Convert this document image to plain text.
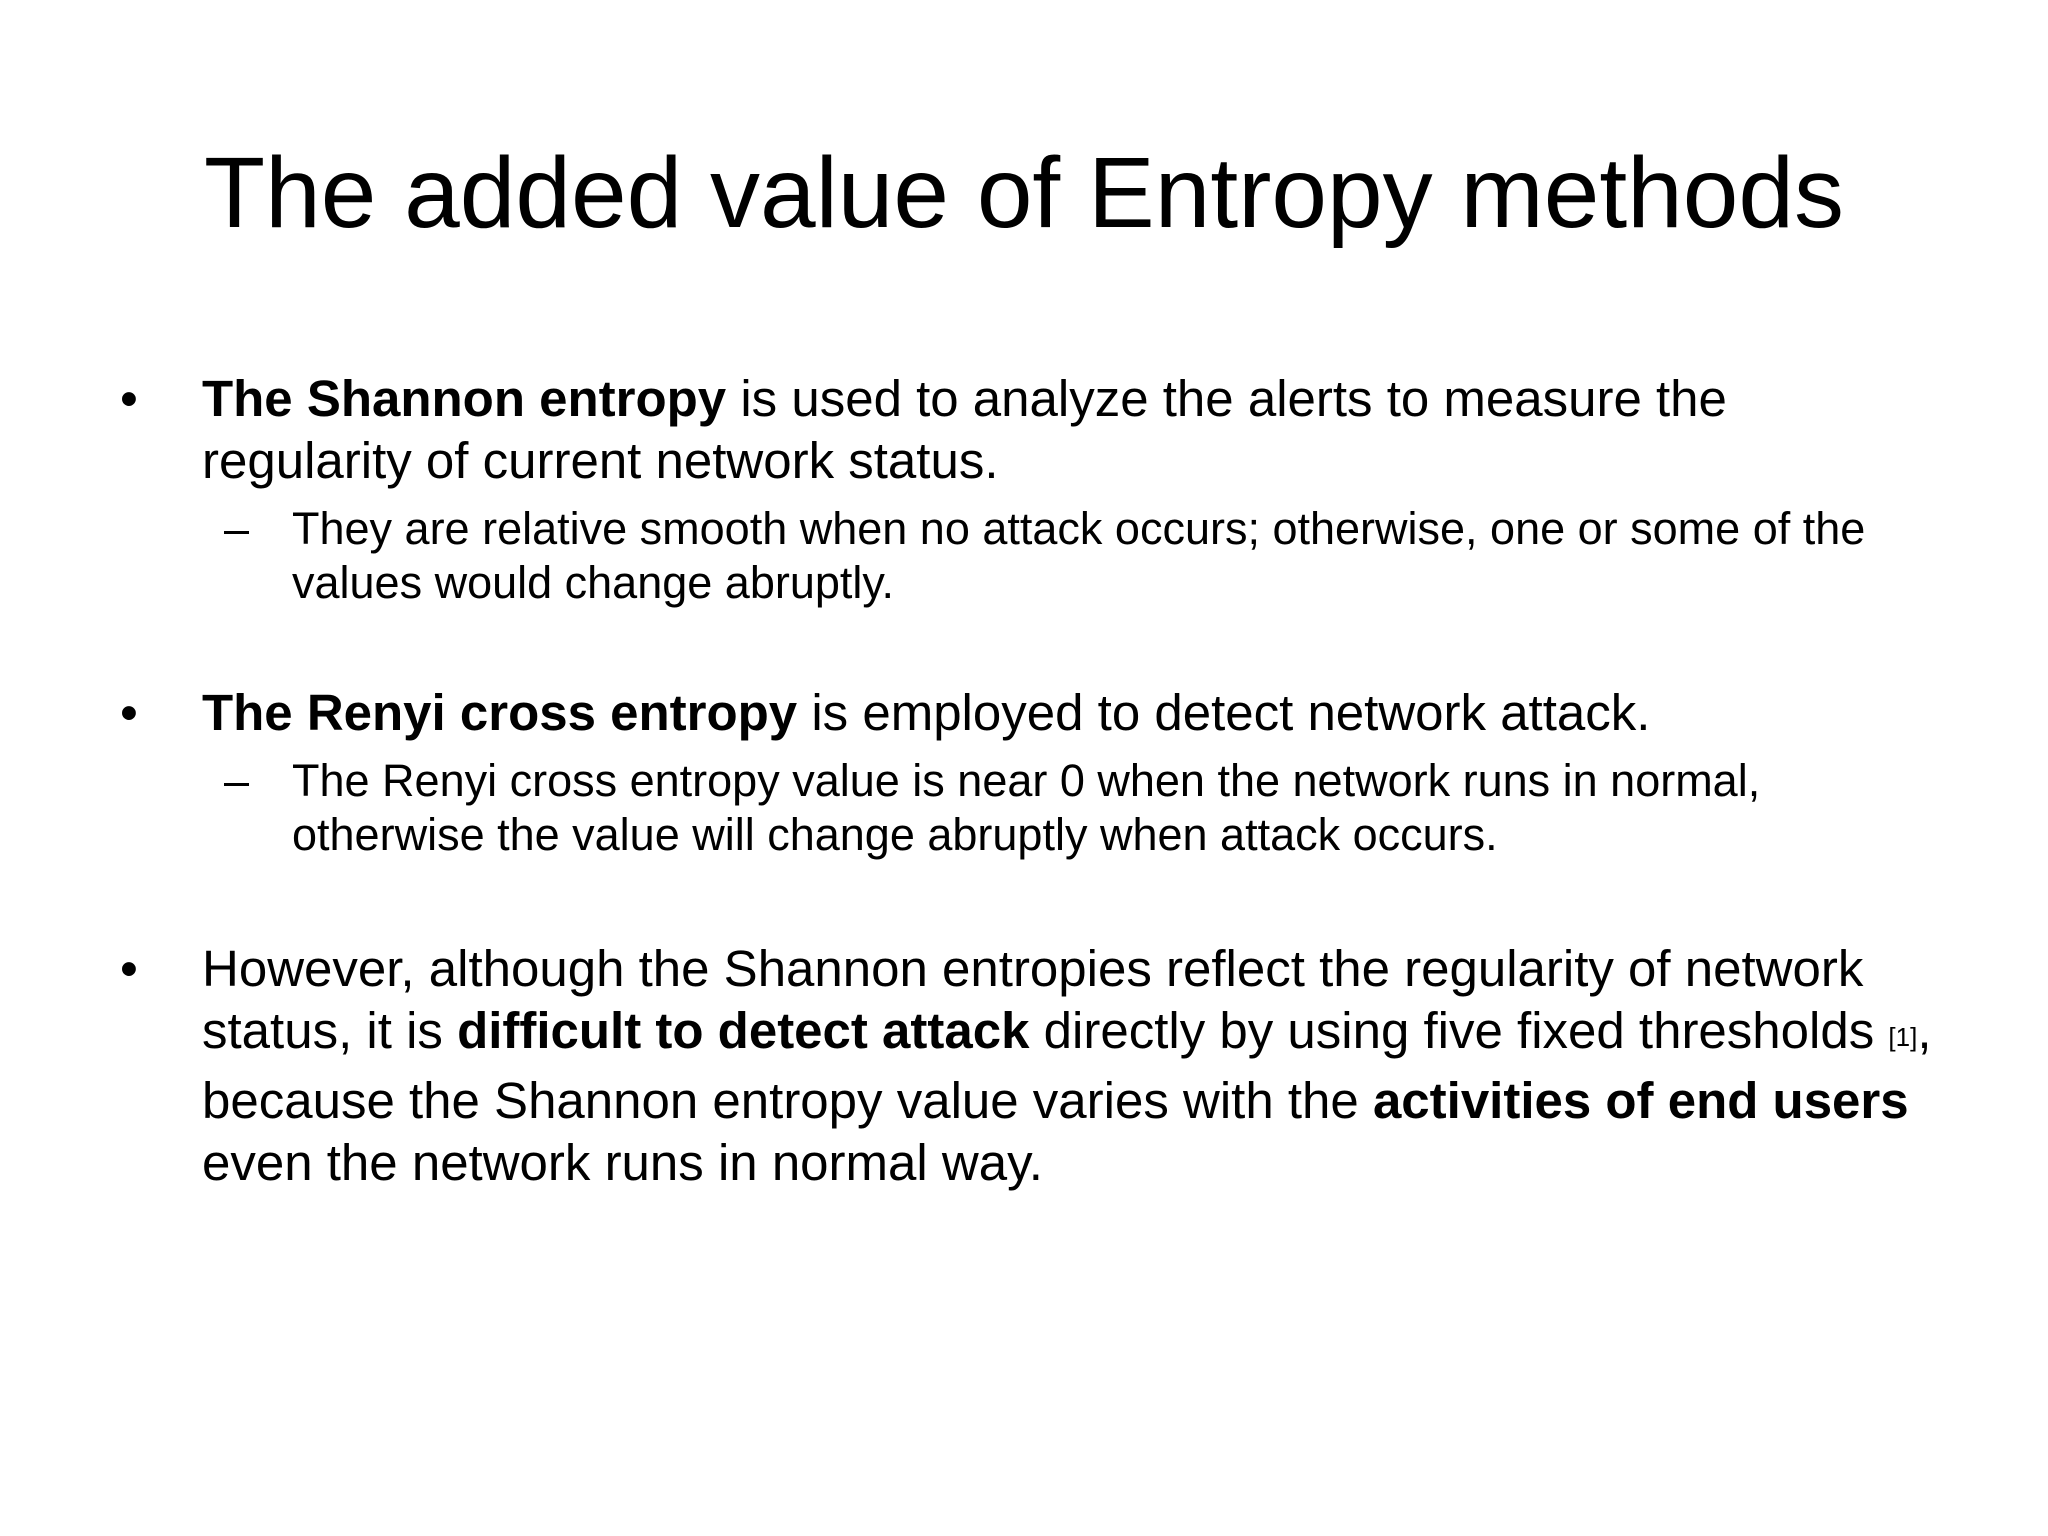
The added value of Entropy methods
•	The Shannon entropy is used to analyze the alerts to measure the regularity of current network status.
– They are relative smooth when no attack occurs; otherwise, one or some of the values would change abruptly.
•	The Renyi cross entropy is employed to detect network attack.
– The Renyi cross entropy value is near 0 when the network runs in normal, otherwise the value will change abruptly when attack occurs.
•	However, although the Shannon entropies reflect the regularity of network status, it is difficult to detect attack directly by using five fixed thresholds [1], because the Shannon entropy value varies with the activities of end users even the network runs in normal way.
